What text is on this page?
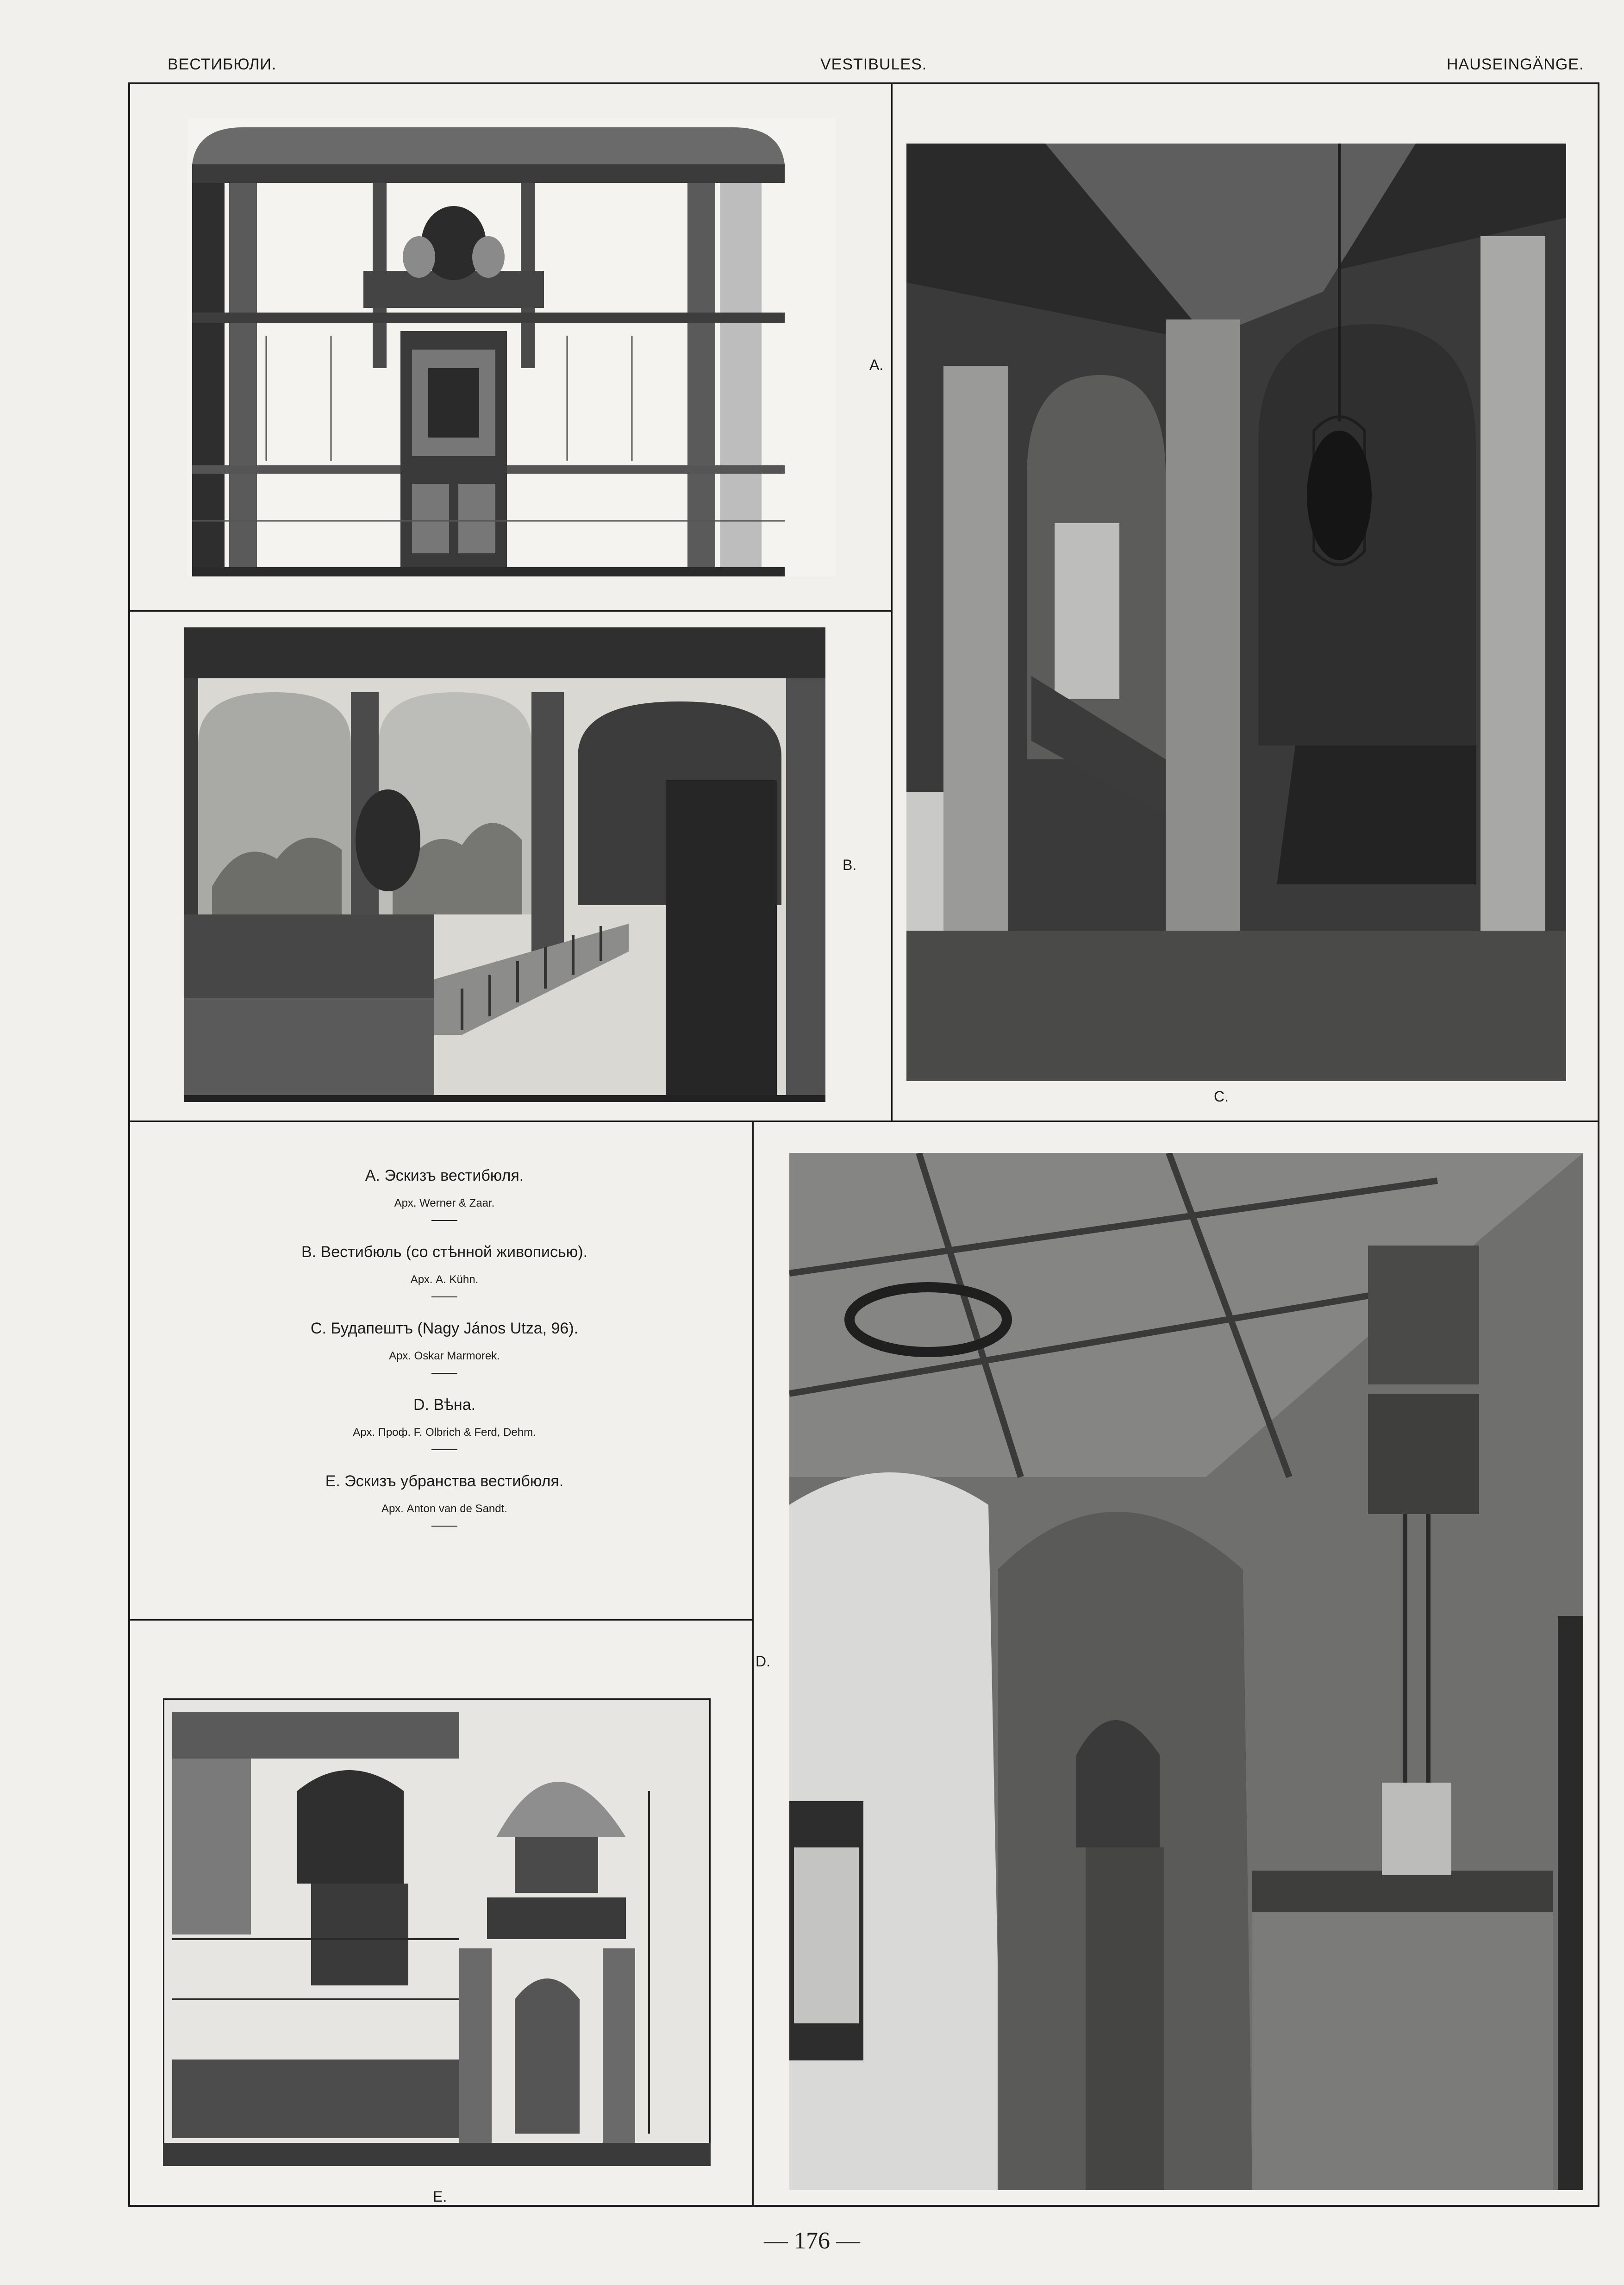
ВЕСТИБЮЛИ.	VESTIBULES.	HAUSEINGÄNGE.
A.
B.
C.
A. Эскизъ вестибюля.
Арх. Werner & Zaar.
B. Вестибюль (со стѣнной живописью).
Арх. A. Kühn.
C. Будапештъ (Nagy János Utza, 96).
Арх. Oskar Marmorek.
D. Вѣна.
Арх. Проф. F. Olbrich & Ferd, Dehm.
E. Эскизъ убранства вестибюля.
Арх. Anton van de Sandt.
D.
E.
— 176 —
